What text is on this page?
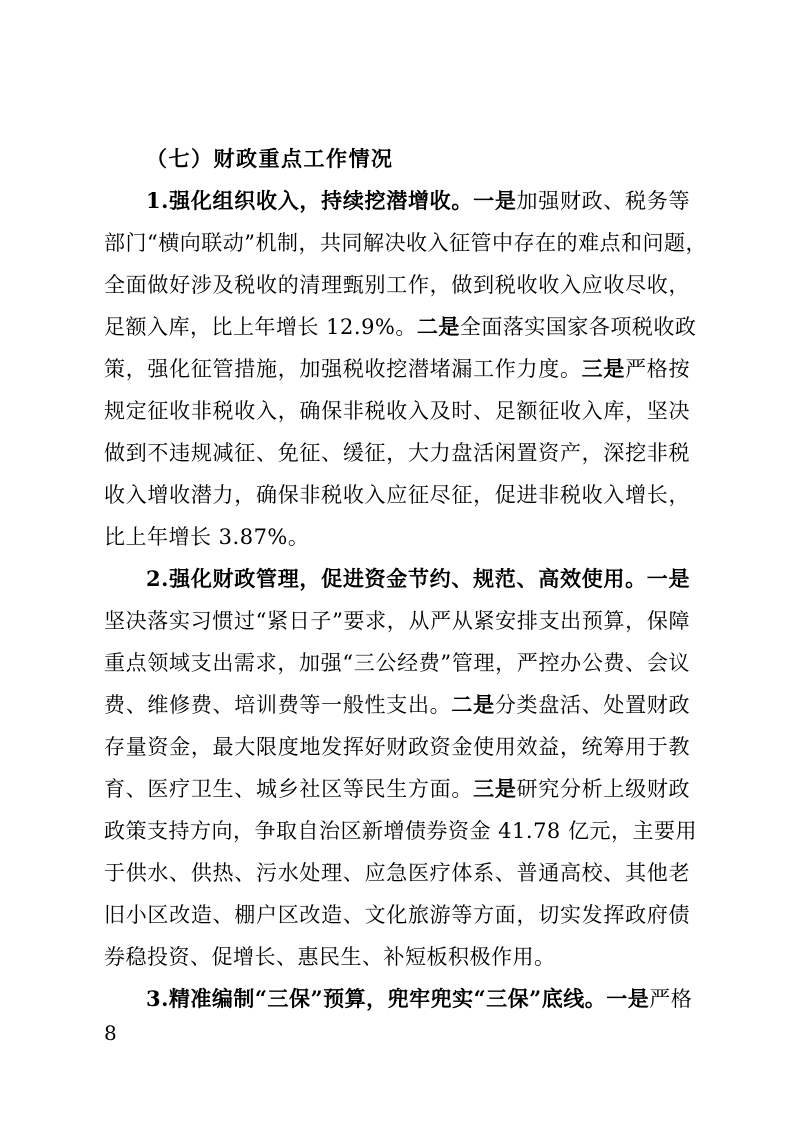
（七）财政重点工作情况
1.强化组织收入，持续挖潜增收。一是加强财政、税务等
部门“横向联动”机制，共同解决收入征管中存在的难点和问题，
全面做好涉及税收的清理甄别工作，做到税收收入应收尽收，
足额入库，比上年增长 12.9%。二是全面落实国家各项税收政
策，强化征管措施，加强税收挖潜堵漏工作力度。三是严格按
规定征收非税收入，确保非税收入及时、足额征收入库，坚决
做到不违规减征、免征、缓征，大力盘活闲置资产，深挖非税
收入增收潜力，确保非税收入应征尽征，促进非税收入增长，
比上年增长 3.87%。
2.强化财政管理，促进资金节约、规范、高效使用。一是
坚决落实习惯过“紧日子”要求，从严从紧安排支出预算，保障
重点领域支出需求，加强“三公经费”管理，严控办公费、会议
费、维修费、培训费等一般性支出。二是分类盘活、处置财政
存量资金，最大限度地发挥好财政资金使用效益，统筹用于教
育、医疗卫生、城乡社区等民生方面。三是研究分析上级财政
政策支持方向，争取自治区新增债券资金 41.78 亿元，主要用
于供水、供热、污水处理、应急医疗体系、普通高校、其他老
旧小区改造、棚户区改造、文化旅游等方面，切实发挥政府债
券稳投资、促增长、惠民生、补短板积极作用。
3.精准编制“三保”预算，兜牢兜实“三保”底线。一是严格
8
